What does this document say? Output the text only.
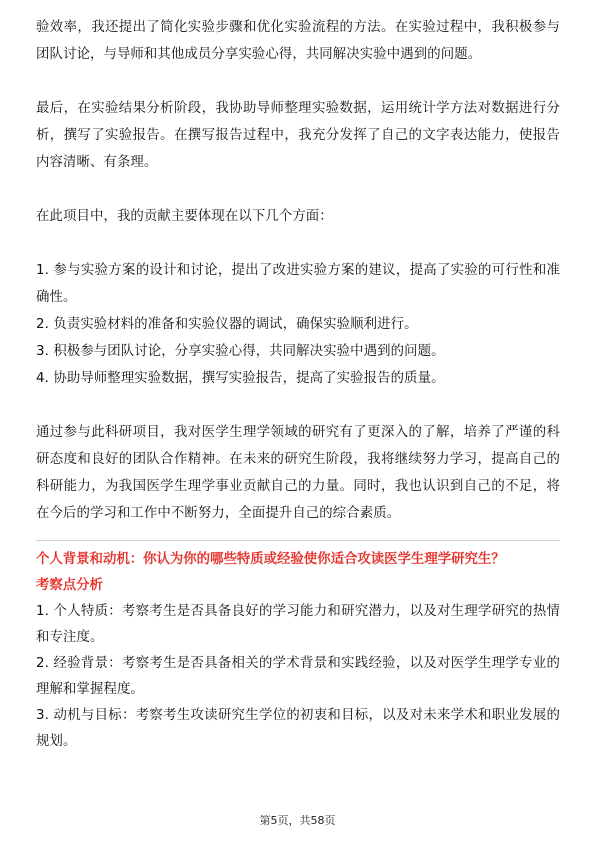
验效率，我还提出了简化实验步骤和优化实验流程的方法。在实验过程中，我积极参与团队讨论，与导师和其他成员分享实验心得，共同解决实验中遇到的问题。

最后，在实验结果分析阶段，我协助导师整理实验数据，运用统计学方法对数据进行分析，撰写了实验报告。在撰写报告过程中，我充分发挥了自己的文字表达能力，使报告内容清晰、有条理。

在此项目中，我的贡献主要体现在以下几个方面：

1. 参与实验方案的设计和讨论，提出了改进实验方案的建议，提高了实验的可行性和准确性。

2. 负责实验材料的准备和实验仪器的调试，确保实验顺利进行。

3. 积极参与团队讨论，分享实验心得，共同解决实验中遇到的问题。

4. 协助导师整理实验数据，撰写实验报告，提高了实验报告的质量。

通过参与此科研项目，我对医学生理学领域的研究有了更深入的了解，培养了严谨的科研态度和良好的团队合作精神。在未来的研究生阶段，我将继续努力学习，提高自己的科研能力，为我国医学生理学事业贡献自己的力量。同时，我也认识到自己的不足，将在今后的学习和工作中不断努力，全面提升自己的综合素质。

个人背景和动机：你认为你的哪些特质或经验使你适合攻读医学生理学研究生？
考察点分析

1. 个人特质：考察考生是否具备良好的学习能力和研究潜力，以及对生理学研究的热情和专注度。

2. 经验背景：考察考生是否具备相关的学术背景和实践经验，以及对医学生理学专业的理解和掌握程度。

3. 动机与目标：考察考生攻读研究生学位的初衷和目标，以及对未来学术和职业发展的规划。

第5页，共58页
